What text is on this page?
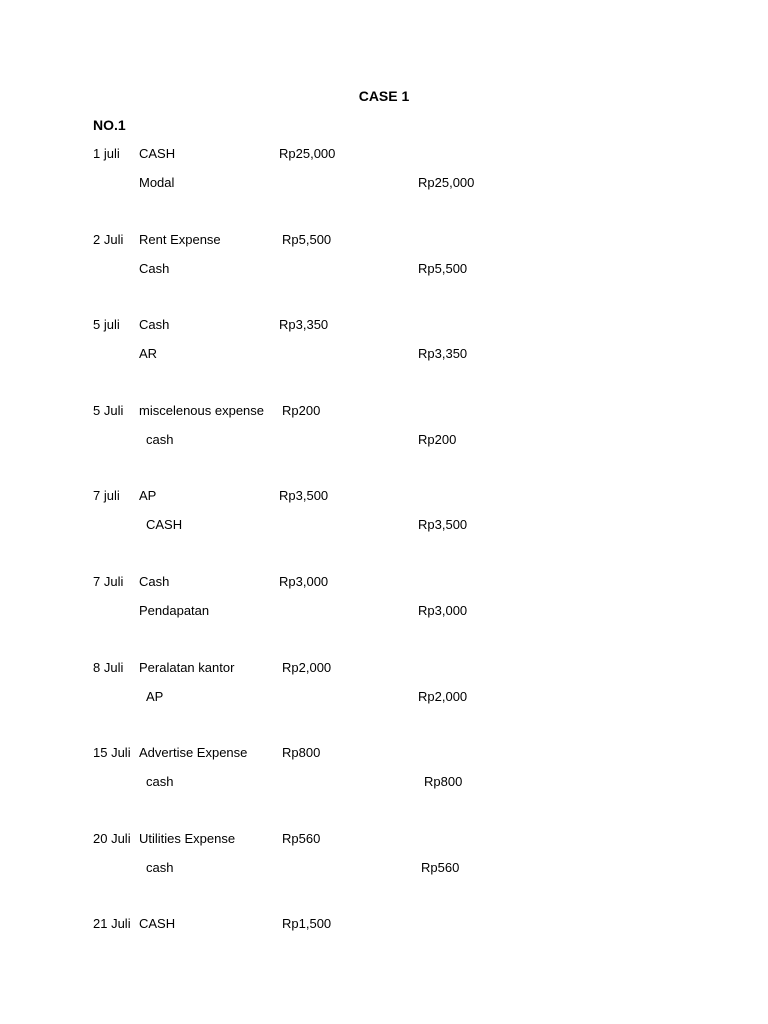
CASE 1
NO.1
1 juli CASH	Rp25,000
Modal	Rp25,000
2 Juli Rent Expense	Rp5,500
Cash	Rp5,500
5 juli Cash	Rp3,350
AR	Rp3,350
5 Juli miscelenous expense Rp200
cash	Rp200
7 juli AP	Rp3,500
CASH	Rp3,500
7 Juli Cash	Rp3,000
Pendapatan	Rp3,000
8 Juli Peralatan kantor	Rp2,000
AP	Rp2,000
15 Juli Advertise Expense	Rp800
cash	Rp800
20 Juli Utilities Expense	Rp560
cash	Rp560
21 Juli CASH	Rp1,500
